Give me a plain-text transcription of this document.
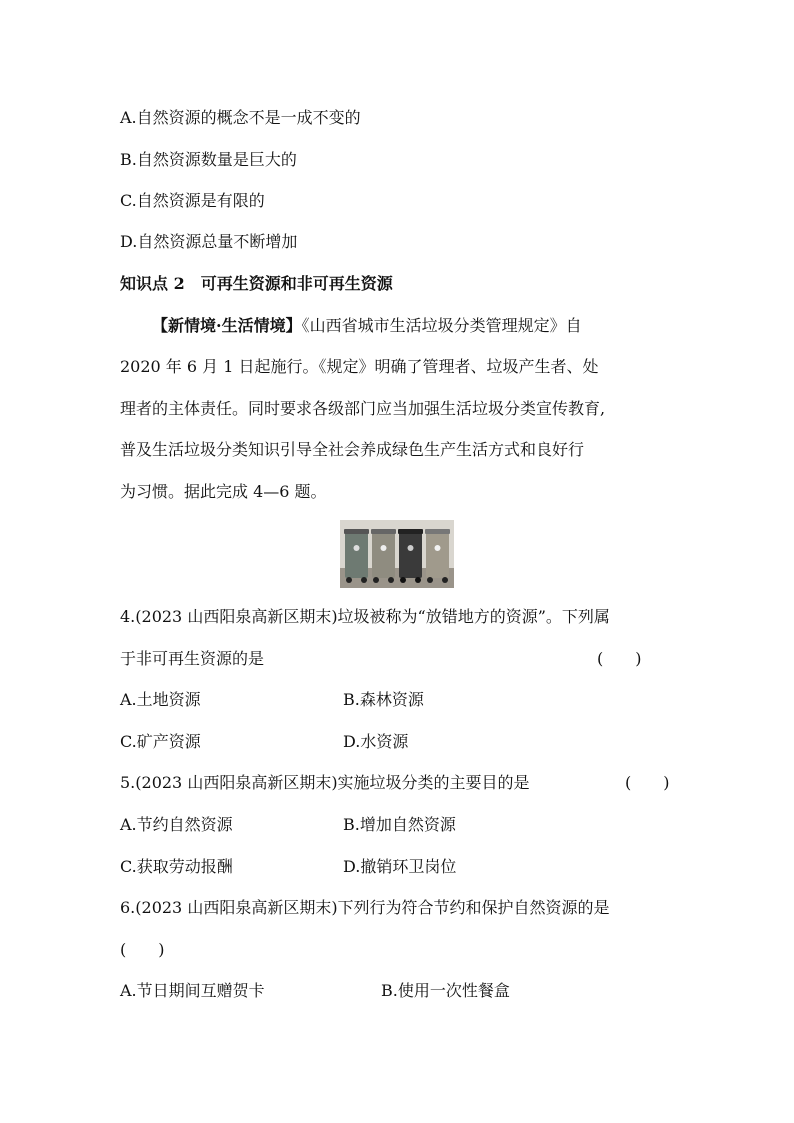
A.自然资源的概念不是一成不变的
B.自然资源数量是巨大的
C.自然资源是有限的
D.自然资源总量不断增加
知识点 2　可再生资源和非可再生资源
【新情境·生活情境】《山西省城市生活垃圾分类管理规定》自
2020 年 6 月 1 日起施行。《规定》明确了管理者、垃圾产生者、处
理者的主体责任。同时要求各级部门应当加强生活垃圾分类宣传教育,
普及生活垃圾分类知识引导全社会养成绿色生产生活方式和良好行
为习惯。据此完成 4—6 题。
4.(2023 山西阳泉高新区期末)垃圾被称为“放错地方的资源”。下列属
于非可再生资源的是	(　　)
A.土地资源	B.森林资源
C.矿产资源	D.水资源
5.(2023 山西阳泉高新区期末)实施垃圾分类的主要目的是	(　　)
A.节约自然资源	B.增加自然资源
C.获取劳动报酬	D.撤销环卫岗位
6.(2023 山西阳泉高新区期末)下列行为符合节约和保护自然资源的是
(　　)
A.节日期间互赠贺卡	B.使用一次性餐盒
